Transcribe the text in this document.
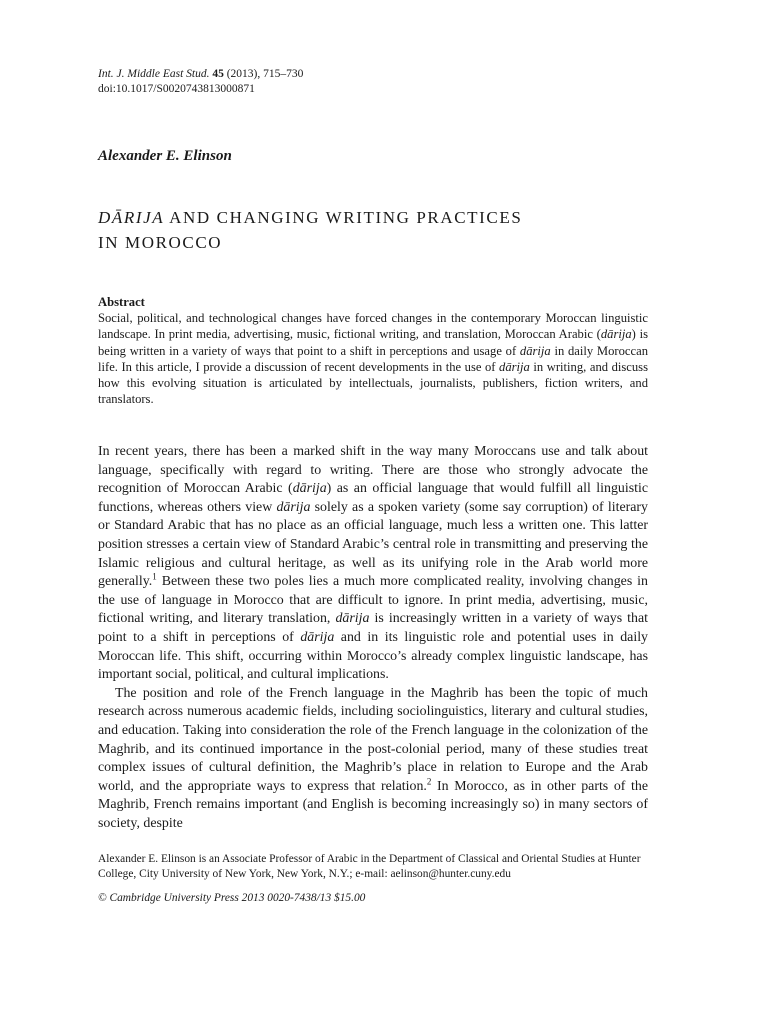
Int. J. Middle East Stud. 45 (2013), 715–730
doi:10.1017/S0020743813000871
Alexander E. Elinson
DĀRIJA AND CHANGING WRITING PRACTICES
IN MOROCCO
Abstract
Social, political, and technological changes have forced changes in the contemporary Moroccan linguistic landscape. In print media, advertising, music, fictional writing, and translation, Moroccan Arabic (dārija) is being written in a variety of ways that point to a shift in perceptions and usage of dārija in daily Moroccan life. In this article, I provide a discussion of recent developments in the use of dārija in writing, and discuss how this evolving situation is articulated by intellectuals, journalists, publishers, fiction writers, and translators.

In recent years, there has been a marked shift in the way many Moroccans use and talk about language, specifically with regard to writing. There are those who strongly advocate the recognition of Moroccan Arabic (dārija) as an official language that would fulfill all linguistic functions, whereas others view dārija solely as a spoken variety (some say corruption) of literary or Standard Arabic that has no place as an official language, much less a written one. This latter position stresses a certain view of Standard Arabic’s central role in transmitting and preserving the Islamic religious and cultural heritage, as well as its unifying role in the Arab world more generally.$^1$ Between these two poles lies a much more complicated reality, involving changes in the use of language in Morocco that are difficult to ignore. In print media, advertising, music, fictional writing, and literary translation, dārija is increasingly written in a variety of ways that point to a shift in perceptions of dārija and in its linguistic role and potential uses in daily Moroccan life. This shift, occurring within Morocco’s already complex linguistic landscape, has important social, political, and cultural implications.

The position and role of the French language in the Maghrib has been the topic of much research across numerous academic fields, including sociolinguistics, literary and cultural studies, and education. Taking into consideration the role of the French language in the colonization of the Maghrib, and its continued importance in the post-colonial period, many of these studies treat complex issues of cultural definition, the Maghrib’s place in relation to Europe and the Arab world, and the appropriate ways to express that relation.$^2$ In Morocco, as in other parts of the Maghrib, French remains important (and English is becoming increasingly so) in many sectors of society, despite

Alexander E. Elinson is an Associate Professor of Arabic in the Department of Classical and Oriental Studies at Hunter College, City University of New York, New York, N.Y.; e-mail: aelinson@hunter.cuny.edu
© Cambridge University Press 2013 0020-7438/13 $15.00
